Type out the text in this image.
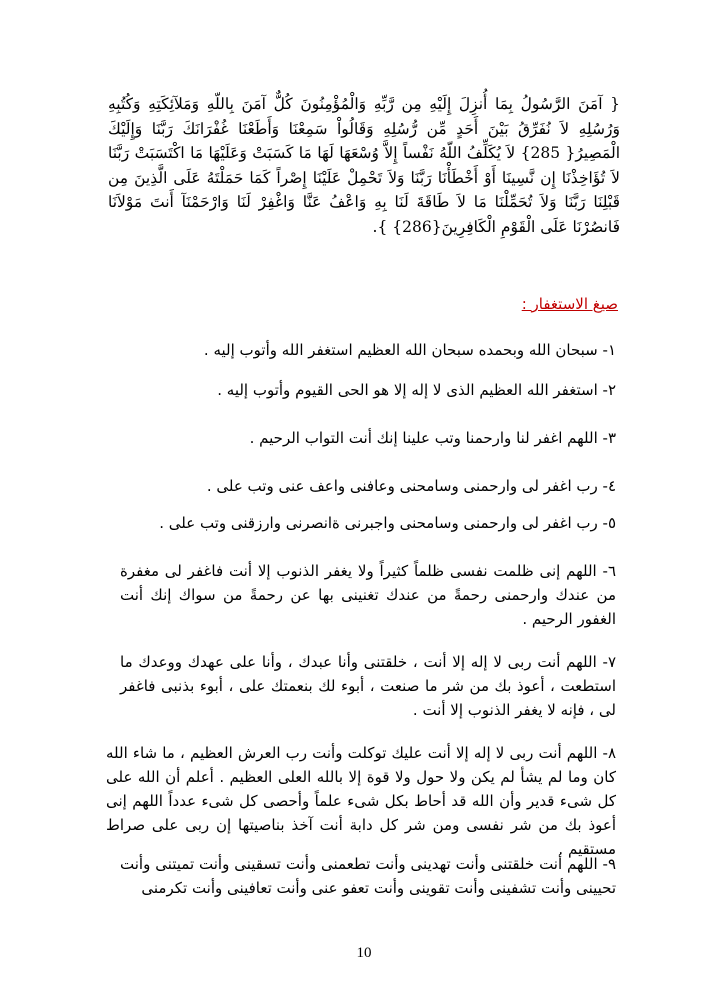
{ آمَنَ الرَّسُولُ بِمَا أُنزِلَ إِلَيْهِ مِن رَّبِّهِ وَالْمُؤْمِنُونَ كُلٌّ آمَنَ بِاللّهِ وَمَلآئِكَتِهِ وَكُتُبِهِ وَرُسُلِهِ لاَ نُفَرِّقُ بَيْنَ أَحَدٍ مِّن رُّسُلِهِ وَقَالُواْ سَمِعْنَا وَأَطَعْنَا غُفْرَانَكَ رَبَّنَا وَإِلَيْكَ الْمَصِيرُ{ 285} لاَ يُكَلِّفُ اللّهُ نَفْساً إِلاَّ وُسْعَهَا لَهَا مَا كَسَبَتْ وَعَلَيْهَا مَا اكْتَسَبَتْ رَبَّنَا لاَ تُؤَاخِذْنَا إِن نَّسِينَا أَوْ أَخْطَأْنَا رَبَّنَا وَلاَ تَحْمِلْ عَلَيْنَا إِصْراً كَمَا حَمَلْتَهُ عَلَى الَّذِينَ مِن قَبْلِنَا رَبَّنَا وَلاَ تُحَمِّلْنَا مَا لاَ طَاقَةَ لَنَا بِهِ وَاعْفُ عَنَّا وَاغْفِرْ لَنَا وَارْحَمْنَآ أَنتَ مَوْلاَنَا فَانصُرْنَا عَلَى الْقَوْمِ الْكَافِرِينَ{286} }.

صيغ الاستغفار :
١- سبحان الله وبحمده سبحان الله العظيم استغفر الله وأتوب إليه .
٢- استغفر الله العظيم الذى لا إله إلا هو الحى القيوم وأتوب إليه .
٣- اللهم اغفر لنا وارحمنا وتب علينا إنك أنت التواب الرحيم .
٤- رب اغفر لى وارحمنى وسامحنى وعافنى واعف عنى وتب على .
٥- رب اغفر لى وارحمنى وسامحنى واجبرنى ةانصرنى وارزقنى وتب على .
٦- اللهم إنى ظلمت نفسى ظلماً كثيراً ولا يغفر الذنوب إلا أنت فاغفر لى مغفرة من عندك وارحمنى رحمةً من عندك تغنينى بها عن رحمةً من سواك إنك أنت الغفور الرحيم .
٧- اللهم أنت ربى لا إله إلا أنت ، خلقتنى وأنا عبدك ، وأنا على عهدك ووعدك ما استطعت ، أعوذ بك من شر ما صنعت ، أبوء لك بنعمتك على ، أبوء بذنبى فاغفر لى ، فإنه لا يغفر الذنوب إلا أنت .
٨- اللهم أنت ربى لا إله إلا أنت عليك توكلت وأنت رب العرش العظيم ، ما شاء الله كان وما لم يشأ لم يكن ولا حول ولا قوة إلا بالله العلى العظيم . أعلم أن الله على كل شىء قدير وأن الله قد أحاط بكل شىء علماً وأحصى كل شىء عدداً اللهم إنى أعوذ بك من شر نفسى ومن شر كل دابة أنت آخذ بناصيتها إن ربى على صراط مستقيم .
٩- اللهم أنت خلقتنى وأنت تهدينى وأنت تطعمنى وأنت تسقينى وأنت تميتنى وأنت تحيينى وأنت تشفينى وأنت تقوينى وأنت تعفو عنى وأنت تعافينى وأنت تكرمنى
10
